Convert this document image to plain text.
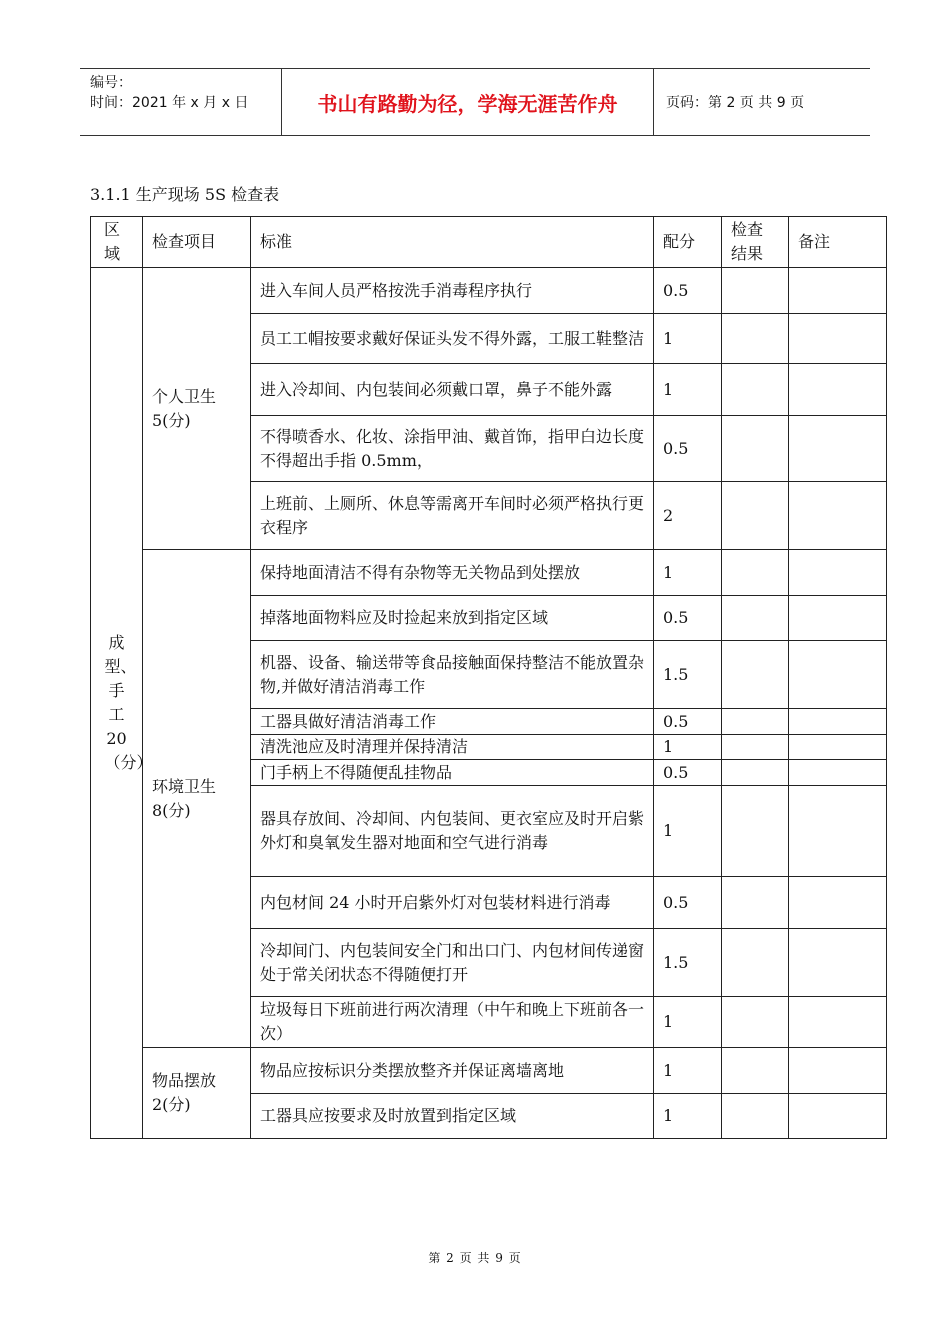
编号：
时间：2021 年 x 月 x 日	书山有路勤为径，学海无涯苦作舟	页码：第 2 页 共 9 页
3.1.1 生产现场 5S 检查表
区域	检查项目	标准	配分	检查结果	备注
成型、手工20（分）	个人卫生5(分)	进入车间人员严格按洗手消毒程序执行	0.5		
		员工工帽按要求戴好保证头发不得外露，工服工鞋整洁	1		
		进入冷却间、内包装间必须戴口罩，鼻子不能外露	1		
		不得喷香水、化妆、涂指甲油、戴首饰，指甲白边长度不得超出手指 0.5mm，	0.5		
		上班前、上厕所、休息等需离开车间时必须严格执行更衣程序	2		
	环境卫生8(分)	保持地面清洁不得有杂物等无关物品到处摆放	1		
		掉落地面物料应及时捡起来放到指定区域	0.5		
		机器、设备、输送带等食品接触面保持整洁不能放置杂物,并做好清洁消毒工作	1.5		
		工器具做好清洁消毒工作	0.5		
		清洗池应及时清理并保持清洁	1		
		门手柄上不得随便乱挂物品	0.5		
		器具存放间、冷却间、内包装间、更衣室应及时开启紫外灯和臭氧发生器对地面和空气进行消毒	1		
		内包材间 24 小时开启紫外灯对包装材料进行消毒	0.5		
		冷却间门、内包装间安全门和出口门、内包材间传递窗处于常关闭状态不得随便打开	1.5		
		垃圾每日下班前进行两次清理（中午和晚上下班前各一次）	1		
	物品摆放2(分)	物品应按标识分类摆放整齐并保证离墙离地	1		
		工器具应按要求及时放置到指定区域	1		
第 2 页 共 9 页
